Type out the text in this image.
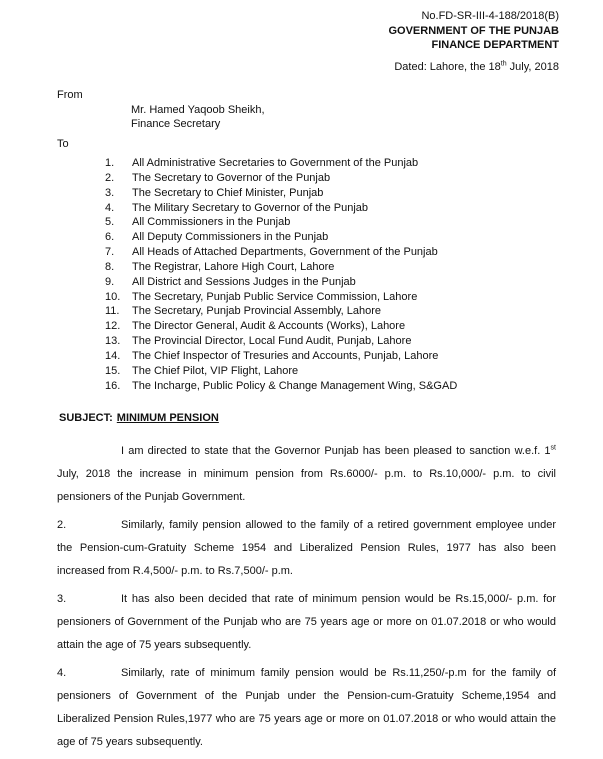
No.FD-SR-III-4-188/2018(B)
GOVERNMENT OF THE PUNJAB
FINANCE DEPARTMENT
Dated: Lahore, the 18th July, 2018
From
Mr. Hamed Yaqoob Sheikh,
Finance Secretary
To
1. All Administrative Secretaries to Government of the Punjab
2. The Secretary to Governor of the Punjab
3. The Secretary to Chief Minister, Punjab
4. The Military Secretary to Governor of the Punjab
5. All Commissioners in the Punjab
6. All Deputy Commissioners in the Punjab
7. All Heads of Attached Departments, Government of the Punjab
8. The Registrar, Lahore High Court, Lahore
9. All District and Sessions Judges in the Punjab
10. The Secretary, Punjab Public Service Commission, Lahore
11. The Secretary, Punjab Provincial Assembly, Lahore
12. The Director General, Audit & Accounts (Works), Lahore
13. The Provincial Director, Local Fund Audit, Punjab, Lahore
14. The Chief Inspector of Tresuries and Accounts, Punjab, Lahore
15. The Chief Pilot, VIP Flight, Lahore
16. The Incharge, Public Policy & Change Management Wing, S&GAD
SUBJECT: MINIMUM PENSION

I am directed to state that the Governor Punjab has been pleased to sanction w.e.f. 1st July, 2018 the increase in minimum pension from Rs.6000/- p.m. to Rs.10,000/- p.m. to civil pensioners of the Punjab Government.

2.	Similarly, family pension allowed to the family of a retired government employee under the Pension-cum-Gratuity Scheme 1954 and Liberalized Pension Rules, 1977 has also been increased from R.4,500/- p.m. to Rs.7,500/- p.m.

3.	It has also been decided that rate of minimum pension would be Rs.15,000/- p.m. for pensioners of Government of the Punjab who are 75 years age or more on 01.07.2018 or who would attain the age of 75 years subsequently.

4.	Similarly, rate of minimum family pension would be Rs.11,250/-p.m for the family of pensioners of Government of the Punjab under the Pension-cum-Gratuity Scheme,1954 and Liberalized Pension Rules,1977 who are 75 years age or more on 01.07.2018 or who would attain the age of 75 years subsequently.
